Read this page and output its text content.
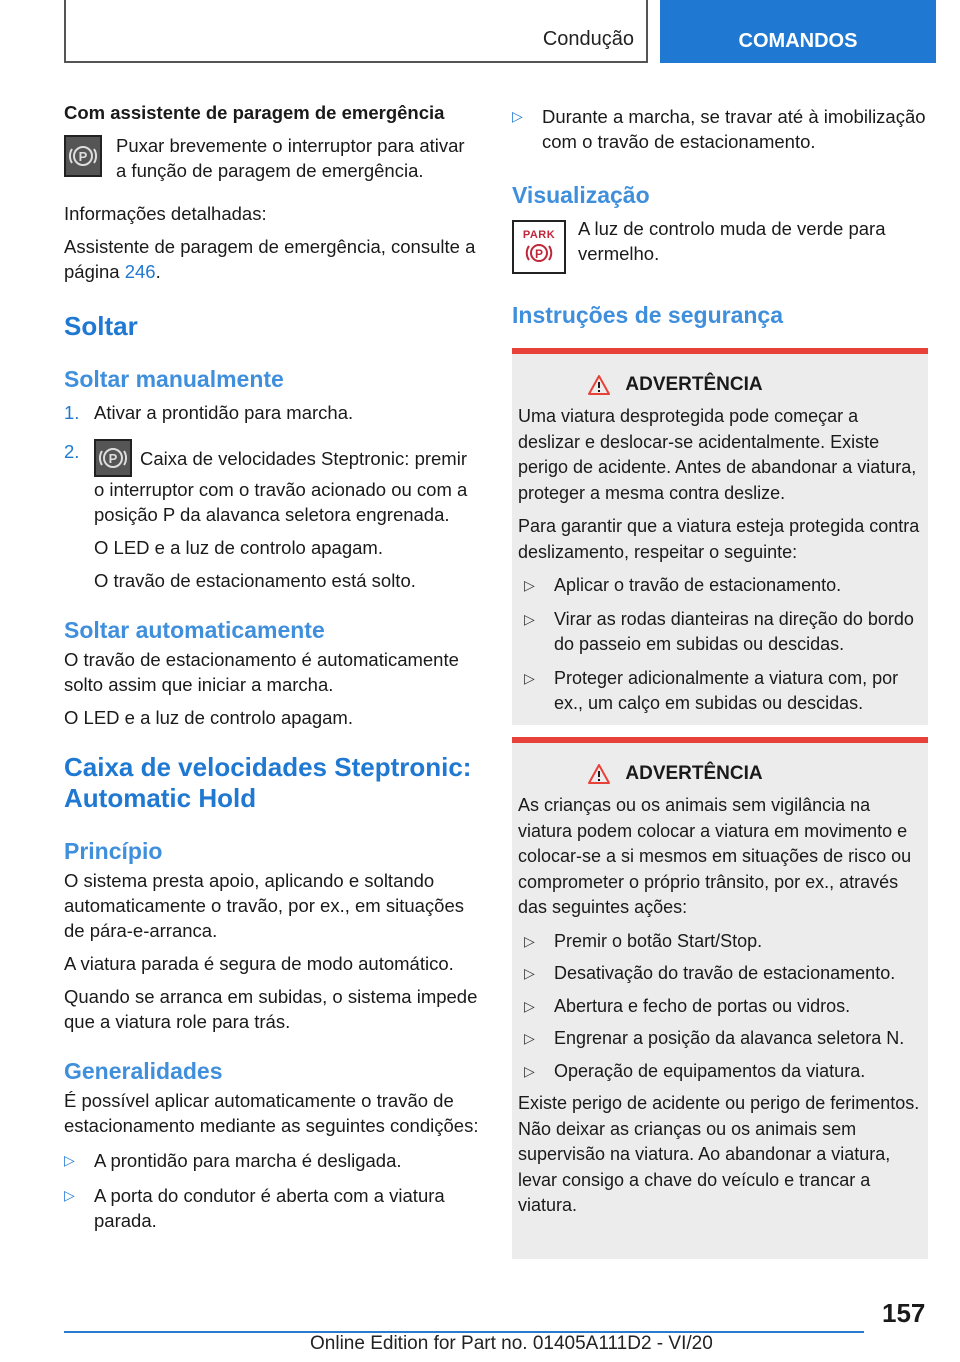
Condução	COMANDOS
Com assistente de paragem de emergência
P

Puxar brevemente o interruptor para ativar a função de paragem de emergência.

Informações detalhadas:

Assistente de paragem de emergência, consulte a página 246.

Soltar
Soltar manualmente
1. Ativar a prontidão para marcha.

2.	P Caixa de velocidades Steptronic: premir o interruptor com o travão acionado ou com a posição P da alavanca seletora engrenada.

O LED e a luz de controlo apagam.

O travão de estacionamento está solto.

Soltar automaticamente

O travão de estacionamento é automaticamente solto assim que iniciar a marcha.

O LED e a luz de controlo apagam.

Caixa de velocidades Steptronic: Automatic Hold
Princípio

O sistema presta apoio, aplicando e soltando automaticamente o travão, por ex., em situações de pára-e-arranca.

A viatura parada é segura de modo automático.

Quando se arranca em subidas, o sistema impede que a viatura role para trás.

Generalidades

É possível aplicar automaticamente o travão de estacionamento mediante as seguintes condições:

▷	A prontidão para marcha é desligada.

▷	A porta do condutor é aberta com a viatura parada.

▷	Durante a marcha, se travar até à imobilização com o travão de estacionamento.

Visualização
PARK
P

A luz de controlo muda de verde para vermelho.

Instruções de segurança
ADVERTÊNCIA

Uma viatura desprotegida pode começar a deslizar e deslocar-se acidentalmente. Existe perigo de acidente. Antes de abandonar a viatura, proteger a mesma contra deslize.

Para garantir que a viatura esteja protegida contra deslizamento, respeitar o seguinte:

▷	Aplicar o travão de estacionamento.

▷	Virar as rodas dianteiras na direção do bordo do passeio em subidas ou descidas.

▷	Proteger adicionalmente a viatura com, por ex., um calço em subidas ou descidas.

ADVERTÊNCIA

As crianças ou os animais sem vigilância na viatura podem colocar a viatura em movimento e colocar-se a si mesmos em situações de risco ou comprometer o próprio trânsito, por ex., através das seguintes ações:

▷	Premir o botão Start/Stop.

▷	Desativação do travão de estacionamento.

▷	Abertura e fecho de portas ou vidros.

▷	Engrenar a posição da alavanca seletora N.

▷	Operação de equipamentos da viatura.

Existe perigo de acidente ou perigo de ferimentos. Não deixar as crianças ou os animais sem supervisão na viatura. Ao abandonar a viatura, levar consigo a chave do veículo e trancar a viatura.

157
Online Edition for Part no. 01405A111D2 - VI/20
